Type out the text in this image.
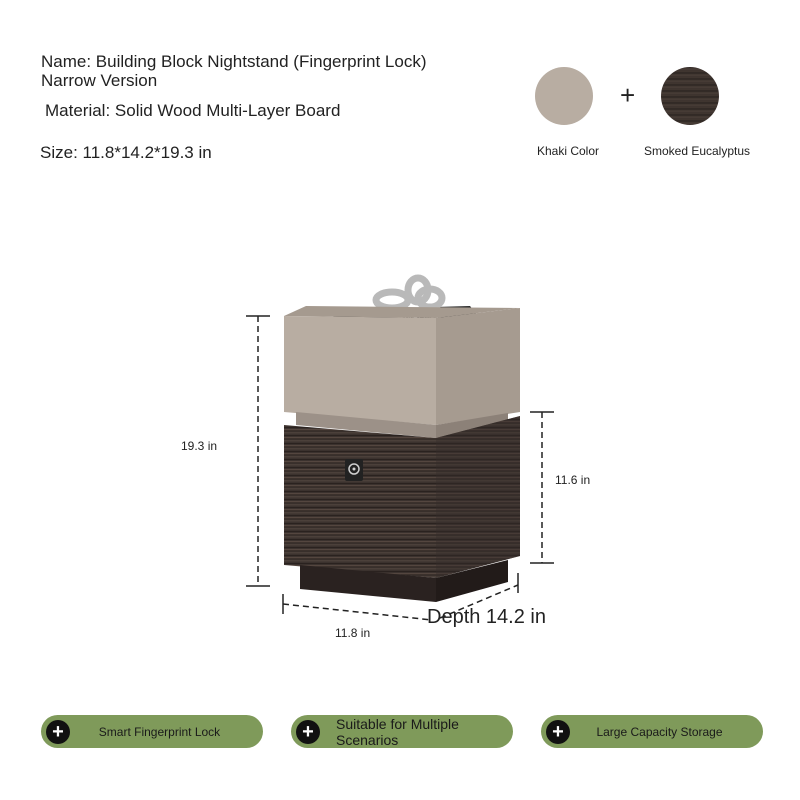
Name: Building Block Nightstand (Fingerprint Lock)
Narrow Version
Material: Solid Wood Multi-Layer Board
Size: 11.8*14.2*19.3 in
+
Khaki Color	Smoked Eucalyptus
19.3 in
11.6 in
11.8 in
Depth 14.2 in
+	Smart Fingerprint Lock	+	Suitable for Multiple Scenarios	+	Large Capacity Storage
